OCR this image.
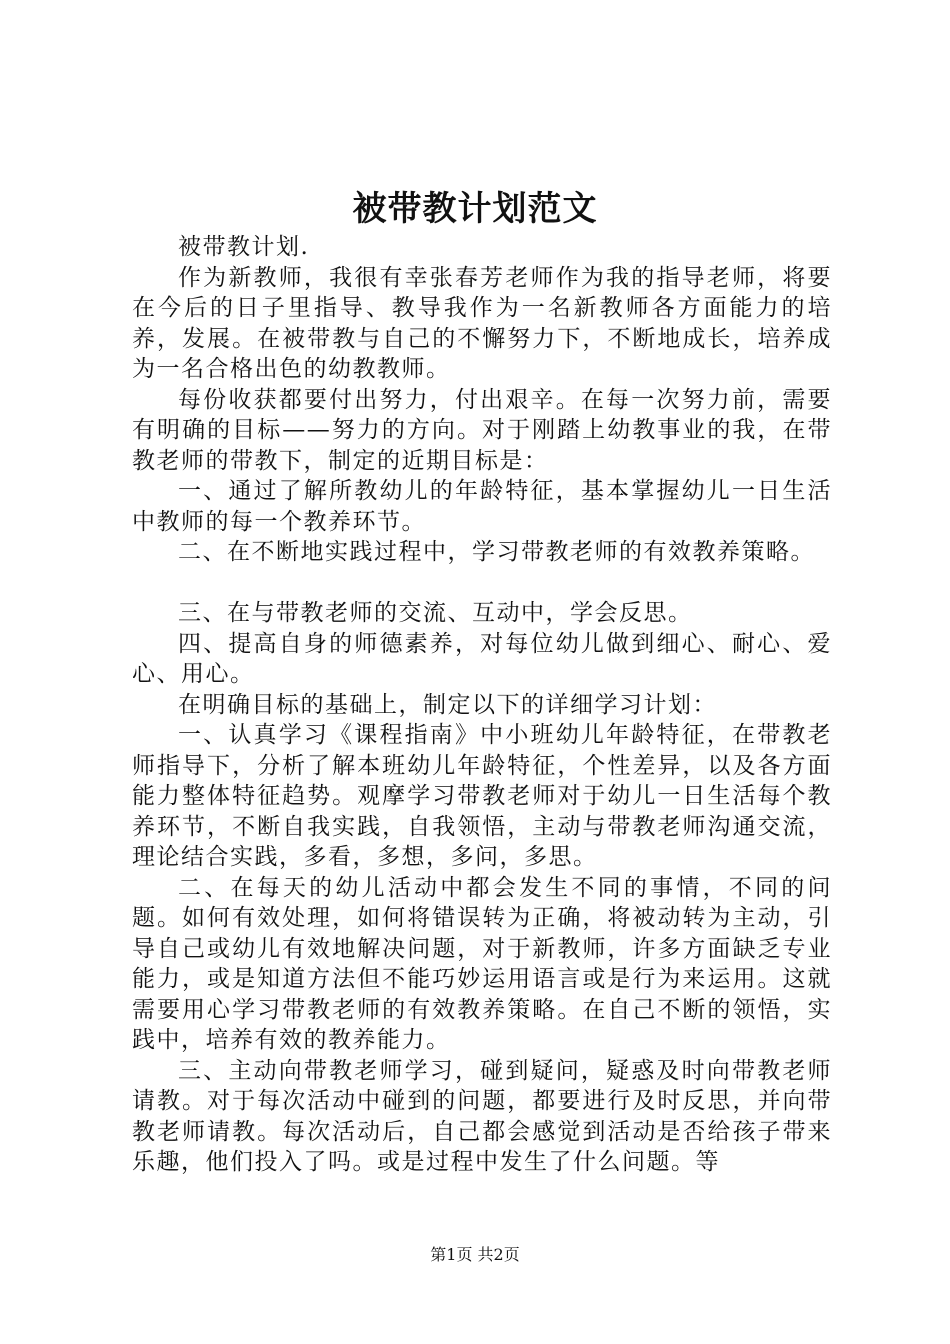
被带教计划范文

被带教计划.

作为新教师，我很有幸张春芳老师作为我的指导老师，将要在今后的日子里指导、教导我作为一名新教师各方面能力的培养，发展。在被带教与自己的不懈努力下，不断地成长，培养成为一名合格出色的幼教教师。

每份收获都要付出努力，付出艰辛。在每一次努力前，需要有明确的目标——努力的方向。对于刚踏上幼教事业的我，在带教老师的带教下，制定的近期目标是：

一、通过了解所教幼儿的年龄特征，基本掌握幼儿一日生活中教师的每一个教养环节。

二、在不断地实践过程中，学习带教老师的有效教养策略。

三、在与带教老师的交流、互动中，学会反思。

四、提高自身的师德素养，对每位幼儿做到细心、耐心、爱心、用心。

在明确目标的基础上，制定以下的详细学习计划：

一、认真学习《课程指南》中小班幼儿年龄特征，在带教老师指导下，分析了解本班幼儿年龄特征，个性差异，以及各方面能力整体特征趋势。观摩学习带教老师对于幼儿一日生活每个教养环节，不断自我实践，自我领悟，主动与带教老师沟通交流，理论结合实践，多看，多想，多问，多思。

二、在每天的幼儿活动中都会发生不同的事情，不同的问题。如何有效处理，如何将错误转为正确，将被动转为主动，引导自己或幼儿有效地解决问题，对于新教师，许多方面缺乏专业能力，或是知道方法但不能巧妙运用语言或是行为来运用。这就需要用心学习带教老师的有效教养策略。在自己不断的领悟，实践中，培养有效的教养能力。

三、主动向带教老师学习，碰到疑问，疑惑及时向带教老师请教。对于每次活动中碰到的问题，都要进行及时反思，并向带教老师请教。每次活动后，自己都会感觉到活动是否给孩子带来乐趣，他们投入了吗。或是过程中发生了什么问题。等

第1页 共2页
